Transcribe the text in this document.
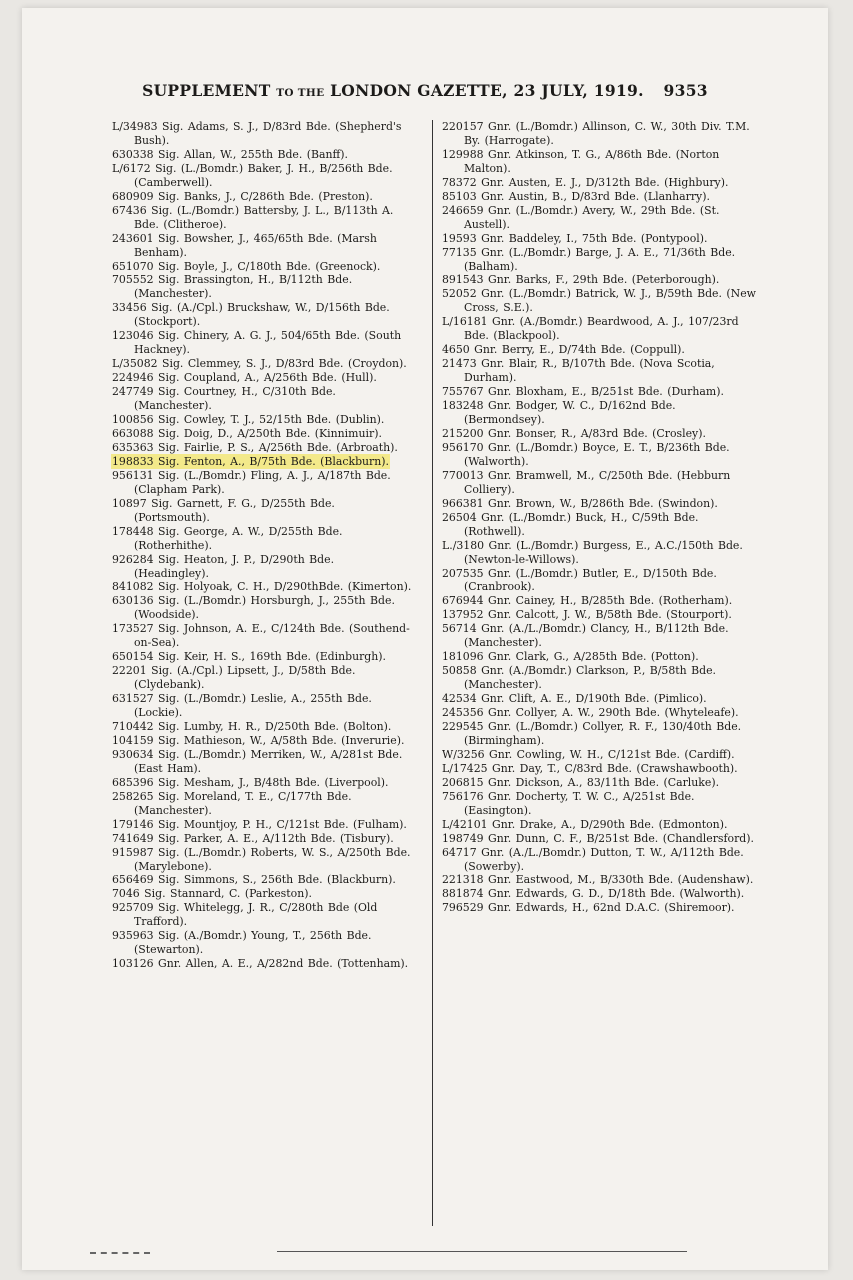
SUPPLEMENT TO THE LONDON GAZETTE, 23 JULY, 1919. 9353

L/34983 Sig. Adams, S. J., D/83rd Bde. (Shepherd's Bush).

630338 Sig. Allan, W., 255th Bde. (Banff).

L/6172 Sig. (L./Bomdr.) Baker, J. H., B/256th Bde. (Camberwell).

680909 Sig. Banks, J., C/286th Bde. (Preston).

67436 Sig. (L./Bomdr.) Battersby, J. L., B/113th A. Bde. (Clitheroe).

243601 Sig. Bowsher, J., 465/65th Bde. (Marsh Benham).

651070 Sig. Boyle, J., C/180th Bde. (Greenock).

705552 Sig. Brassington, H., B/112th Bde. (Manchester).

33456 Sig. (A./Cpl.) Bruckshaw, W., D/156th Bde. (Stockport).

123046 Sig. Chinery, A. G. J., 504/65th Bde. (South Hackney).

L/35082 Sig. Clemmey, S. J., D/83rd Bde. (Croydon).

224946 Sig. Coupland, A., A/256th Bde. (Hull).

247749 Sig. Courtney, H., C/310th Bde. (Manchester).

100856 Sig. Cowley, T. J., 52/15th Bde. (Dublin).

663088 Sig. Doig, D., A/250th Bde. (Kinnimuir).

635363 Sig. Fairlie, P. S., A/256th Bde. (Arbroath).

198833 Sig. Fenton, A., B/75th Bde. (Blackburn).

956131 Sig. (L./Bomdr.) Fling, A. J., A/187th Bde. (Clapham Park).

10897 Sig. Garnett, F. G., D/255th Bde. (Portsmouth).

178448 Sig. George, A. W., D/255th Bde. (Rotherhithe).

926284 Sig. Heaton, J. P., D/290th Bde. (Headingley).

841082 Sig. Holyoak, C. H., D/290thBde. (Kimerton).

630136 Sig. (L./Bomdr.) Horsburgh, J., 255th Bde. (Woodside).

173527 Sig. Johnson, A. E., C/124th Bde. (Southend-on-Sea).

650154 Sig. Keir, H. S., 169th Bde. (Edinburgh).

22201 Sig. (A./Cpl.) Lipsett, J., D/58th Bde. (Clydebank).

631527 Sig. (L./Bomdr.) Leslie, A., 255th Bde. (Lockie).

710442 Sig. Lumby, H. R., D/250th Bde. (Bolton).

104159 Sig. Mathieson, W., A/58th Bde. (Inverurie).

930634 Sig. (L./Bomdr.) Merriken, W., A/281st Bde. (East Ham).

685396 Sig. Mesham, J., B/48th Bde. (Liverpool).

258265 Sig. Moreland, T. E., C/177th Bde. (Manchester).

179146 Sig. Mountjoy, P. H., C/121st Bde. (Fulham).

741649 Sig. Parker, A. E., A/112th Bde. (Tisbury).

915987 Sig. (L./Bomdr.) Roberts, W. S., A/250th Bde. (Marylebone).

656469 Sig. Simmons, S., 256th Bde. (Blackburn).

7046 Sig. Stannard, C. (Parkeston).

925709 Sig. Whitelegg, J. R., C/280th Bde (Old Trafford).

935963 Sig. (A./Bomdr.) Young, T., 256th Bde. (Stewarton).

103126 Gnr. Allen, A. E., A/282nd Bde. (Tottenham).

220157 Gnr. (L./Bomdr.) Allinson, C. W., 30th Div. T.M. By. (Harrogate).

129988 Gnr. Atkinson, T. G., A/86th Bde. (Norton Malton).

78372 Gnr. Austen, E. J., D/312th Bde. (Highbury).

85103 Gnr. Austin, B., D/83rd Bde. (Llanharry).

246659 Gnr. (L./Bomdr.) Avery, W., 29th Bde. (St. Austell).

19593 Gnr. Baddeley, I., 75th Bde. (Pontypool).

77135 Gnr. (L./Bomdr.) Barge, J. A. E., 71/36th Bde. (Balham).

891543 Gnr. Barks, F., 29th Bde. (Peterborough).

52052 Gnr. (L./Bomdr.) Batrick, W. J., B/59th Bde. (New Cross, S.E.).

L/16181 Gnr. (A./Bomdr.) Beardwood, A. J., 107/23rd Bde. (Blackpool).

4650 Gnr. Berry, E., D/74th Bde. (Coppull).

21473 Gnr. Blair, R., B/107th Bde. (Nova Scotia, Durham).

755767 Gnr. Bloxham, E., B/251st Bde. (Durham).

183248 Gnr. Bodger, W. C., D/162nd Bde. (Bermondsey).

215200 Gnr. Bonser, R., A/83rd Bde. (Crosley).

956170 Gnr. (L./Bomdr.) Boyce, E. T., B/236th Bde. (Walworth).

770013 Gnr. Bramwell, M., C/250th Bde. (Hebburn Colliery).

966381 Gnr. Brown, W., B/286th Bde. (Swindon).

26504 Gnr. (L./Bomdr.) Buck, H., C/59th Bde. (Rothwell).

L./3180 Gnr. (L./Bomdr.) Burgess, E., A.C./150th Bde. (Newton-le-Willows).

207535 Gnr. (L./Bomdr.) Butler, E., D/150th Bde. (Cranbrook).

676944 Gnr. Cainey, H., B/285th Bde. (Rotherham).

137952 Gnr. Calcott, J. W., B/58th Bde. (Stourport).

56714 Gnr. (A./L./Bomdr.) Clancy, H., B/112th Bde. (Manchester).

181096 Gnr. Clark, G., A/285th Bde. (Potton).

50858 Gnr. (A./Bomdr.) Clarkson, P., B/58th Bde. (Manchester).

42534 Gnr. Clift, A. E., D/190th Bde. (Pimlico).

245356 Gnr. Collyer, A. W., 290th Bde. (Whyteleafe).

229545 Gnr. (L./Bomdr.) Collyer, R. F., 130/40th Bde. (Birmingham).

W/3256 Gnr. Cowling, W. H., C/121st Bde. (Cardiff).

L/17425 Gnr. Day, T., C/83rd Bde. (Crawshawbooth).

206815 Gnr. Dickson, A., 83/11th Bde. (Carluke).

756176 Gnr. Docherty, T. W. C., A/251st Bde. (Easington).

L/42101 Gnr. Drake, A., D/290th Bde. (Edmonton).

198749 Gnr. Dunn, C. F., B/251st Bde. (Chandlersford).

64717 Gnr. (A./L./Bomdr.) Dutton, T. W., A/112th Bde. (Sowerby).

221318 Gnr. Eastwood, M., B/330th Bde. (Audenshaw).

881874 Gnr. Edwards, G. D., D/18th Bde. (Walworth).

796529 Gnr. Edwards, H., 62nd D.A.C. (Shiremoor).
